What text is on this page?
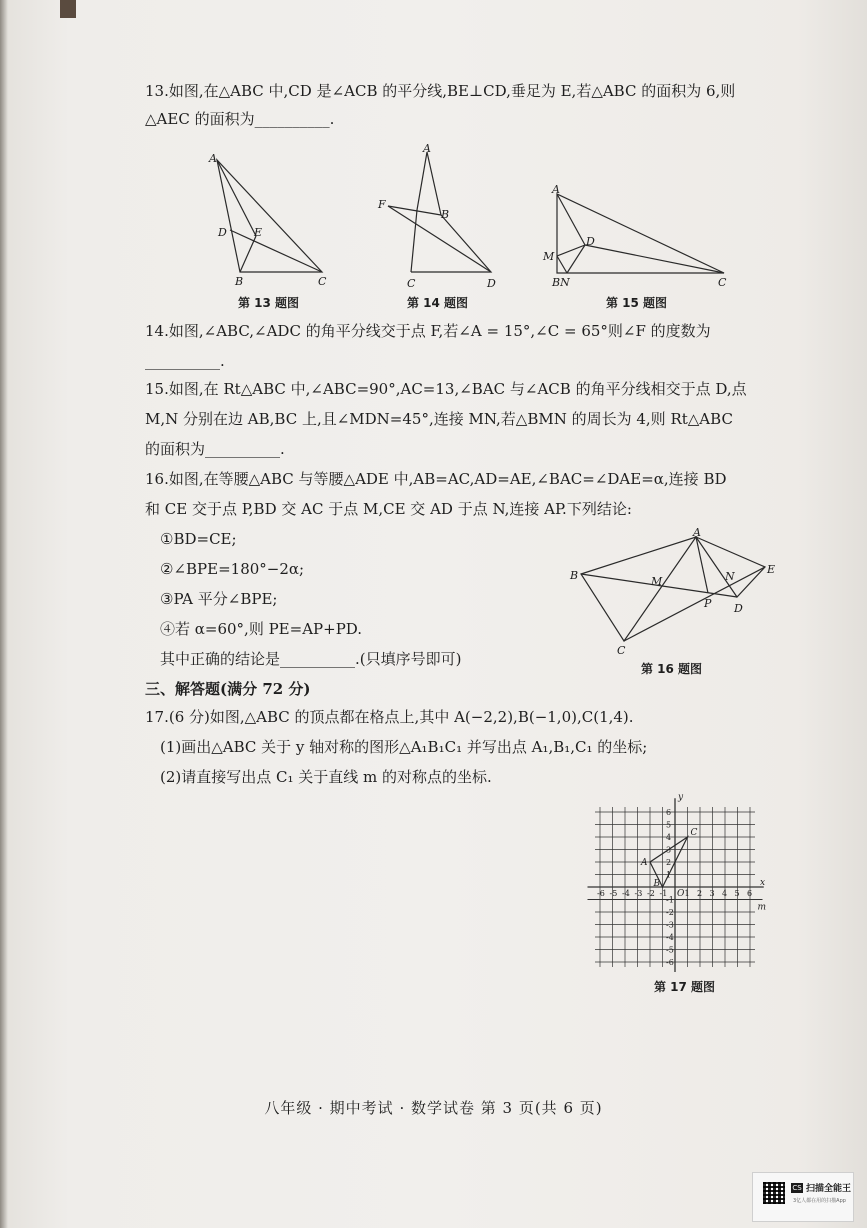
13.如图,在△ABC 中,CD 是∠ACB 的平分线,BE⊥CD,垂足为 E,若△ABC 的面积为 6,则
△AEC 的面积为__________.
A
D E
B	C
第 13 题图
A
F
B
C	D
第 14 题图
A
D
M
BN	C
第 15 题图
14.如图,∠ABC,∠ADC 的角平分线交于点 F,若∠A = 15°,∠C = 65°则∠F 的度数为
__________.
15.如图,在 Rt△ABC 中,∠ABC=90°,AC=13,∠BAC 与∠ACB 的角平分线相交于点 D,点
M,N 分别在边 AB,BC 上,且∠MDN=45°,连接 MN,若△BMN 的周长为 4,则 Rt△ABC
的面积为__________.
16.如图,在等腰△ABC 与等腰△ADE 中,AB=AC,AD=AE,∠BAC=∠DAE=α,连接 BD
和 CE 交于点 P,BD 交 AC 于点 M,CE 交 AD 于点 N,连接 AP.下列结论:
①BD=CE;
②∠BPE=180°−2α;
③PA 平分∠BPE;
④若 α=60°,则 PE=AP+PD.
其中正确的结论是__________.(只填序号即可)
A
B	M	N
E
P D
C
第 16 题图
三、解答题(满分 72 分)
17.(6 分)如图,△ABC 的顶点都在格点上,其中 A(−2,2),B(−1,0),C(1,4).
(1)画出△ABC 关于 y 轴对称的图形△A₁B₁C₁ 并写出点 A₁,B₁,C₁ 的坐标;
(2)请直接写出点 C₁ 关于直线 m 的对称点的坐标.
y
x
m
O
A
B
C
-6 -5 -4 -3 -2 -1 1 2 3 4 5 6
6
5
4
3
2
1
-1
-2
-3
-4
-5
-6
第 17 题图
八年级 · 期中考试 · 数学试卷 第 3 页(共 6 页)
CS 扫描全能王
3亿人都在用的扫描App
